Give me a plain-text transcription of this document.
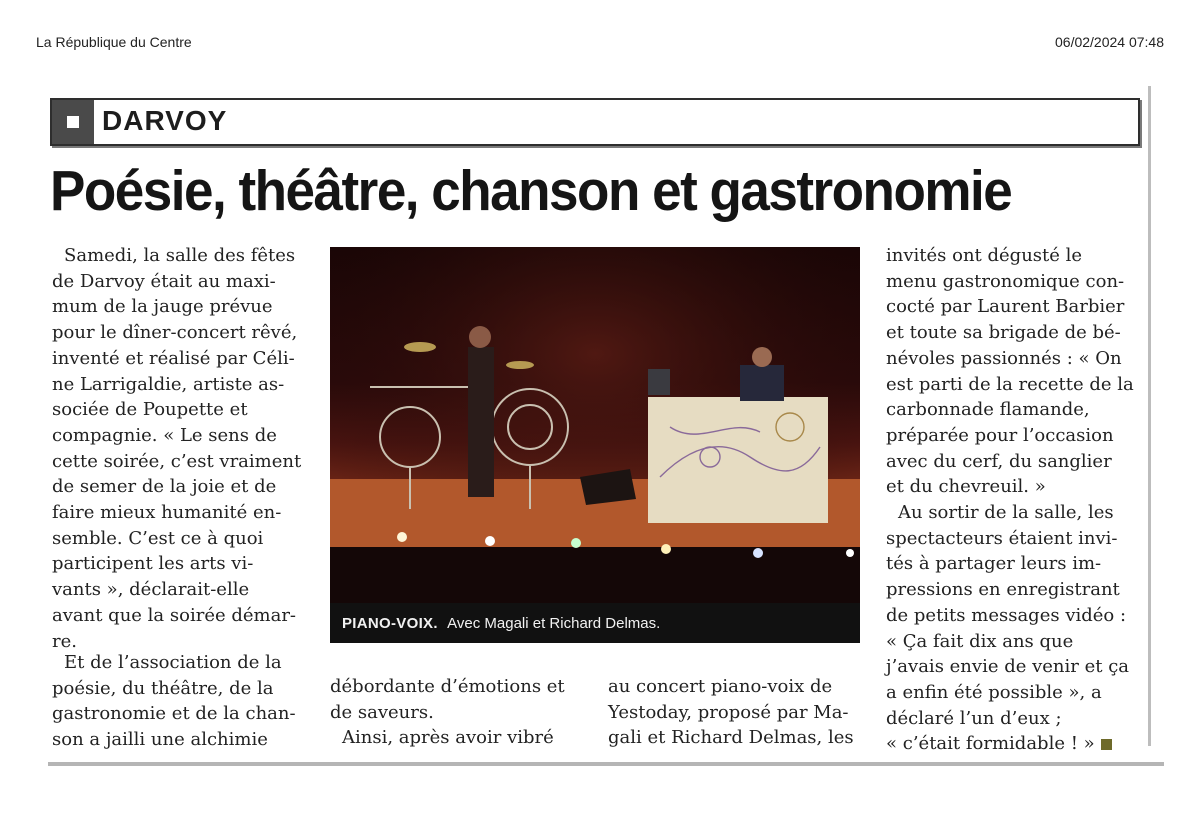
La République du Centre	06/02/2024 07:48
DARVOY
Poésie, théâtre, chanson et gastronomie
Samedi, la salle des fêtes
de Darvoy était au maxi-
mum de la jauge prévue
pour le dîner-concert rêvé,
inventé et réalisé par Céli-
ne Larrigaldie, artiste as-
sociée de Poupette et
compagnie. « Le sens de
cette soirée, c’est vraiment
de semer de la joie et de
faire mieux humanité en-
semble. C’est ce à quoi
participent les arts vi-
vants », déclarait-elle
avant que la soirée démar-
re.
Et de l’association de la
poésie, du théâtre, de la
gastronomie et de la chan-
son a jailli une alchimie
débordante d’émotions et
de saveurs.
Ainsi, après avoir vibré
au concert piano-voix de
Yestoday, proposé par Ma-
gali et Richard Delmas, les
invités ont dégusté le
menu gastronomique con-
cocté par Laurent Barbier
et toute sa brigade de bé-
névoles passionnés : « On
est parti de la recette de la
carbonnade flamande,
préparée pour l’occasion
avec du cerf, du sanglier
et du chevreuil. »
Au sortir de la salle, les
spectacteurs étaient invi-
tés à partager leurs im-
pressions en enregistrant
de petits messages vidéo :
« Ça fait dix ans que
j’avais envie de venir et ça
a enfin été possible », a
déclaré l’un d’eux ;
« c’était formidable ! »
PIANO-VOIX. Avec Magali et Richard Delmas.
